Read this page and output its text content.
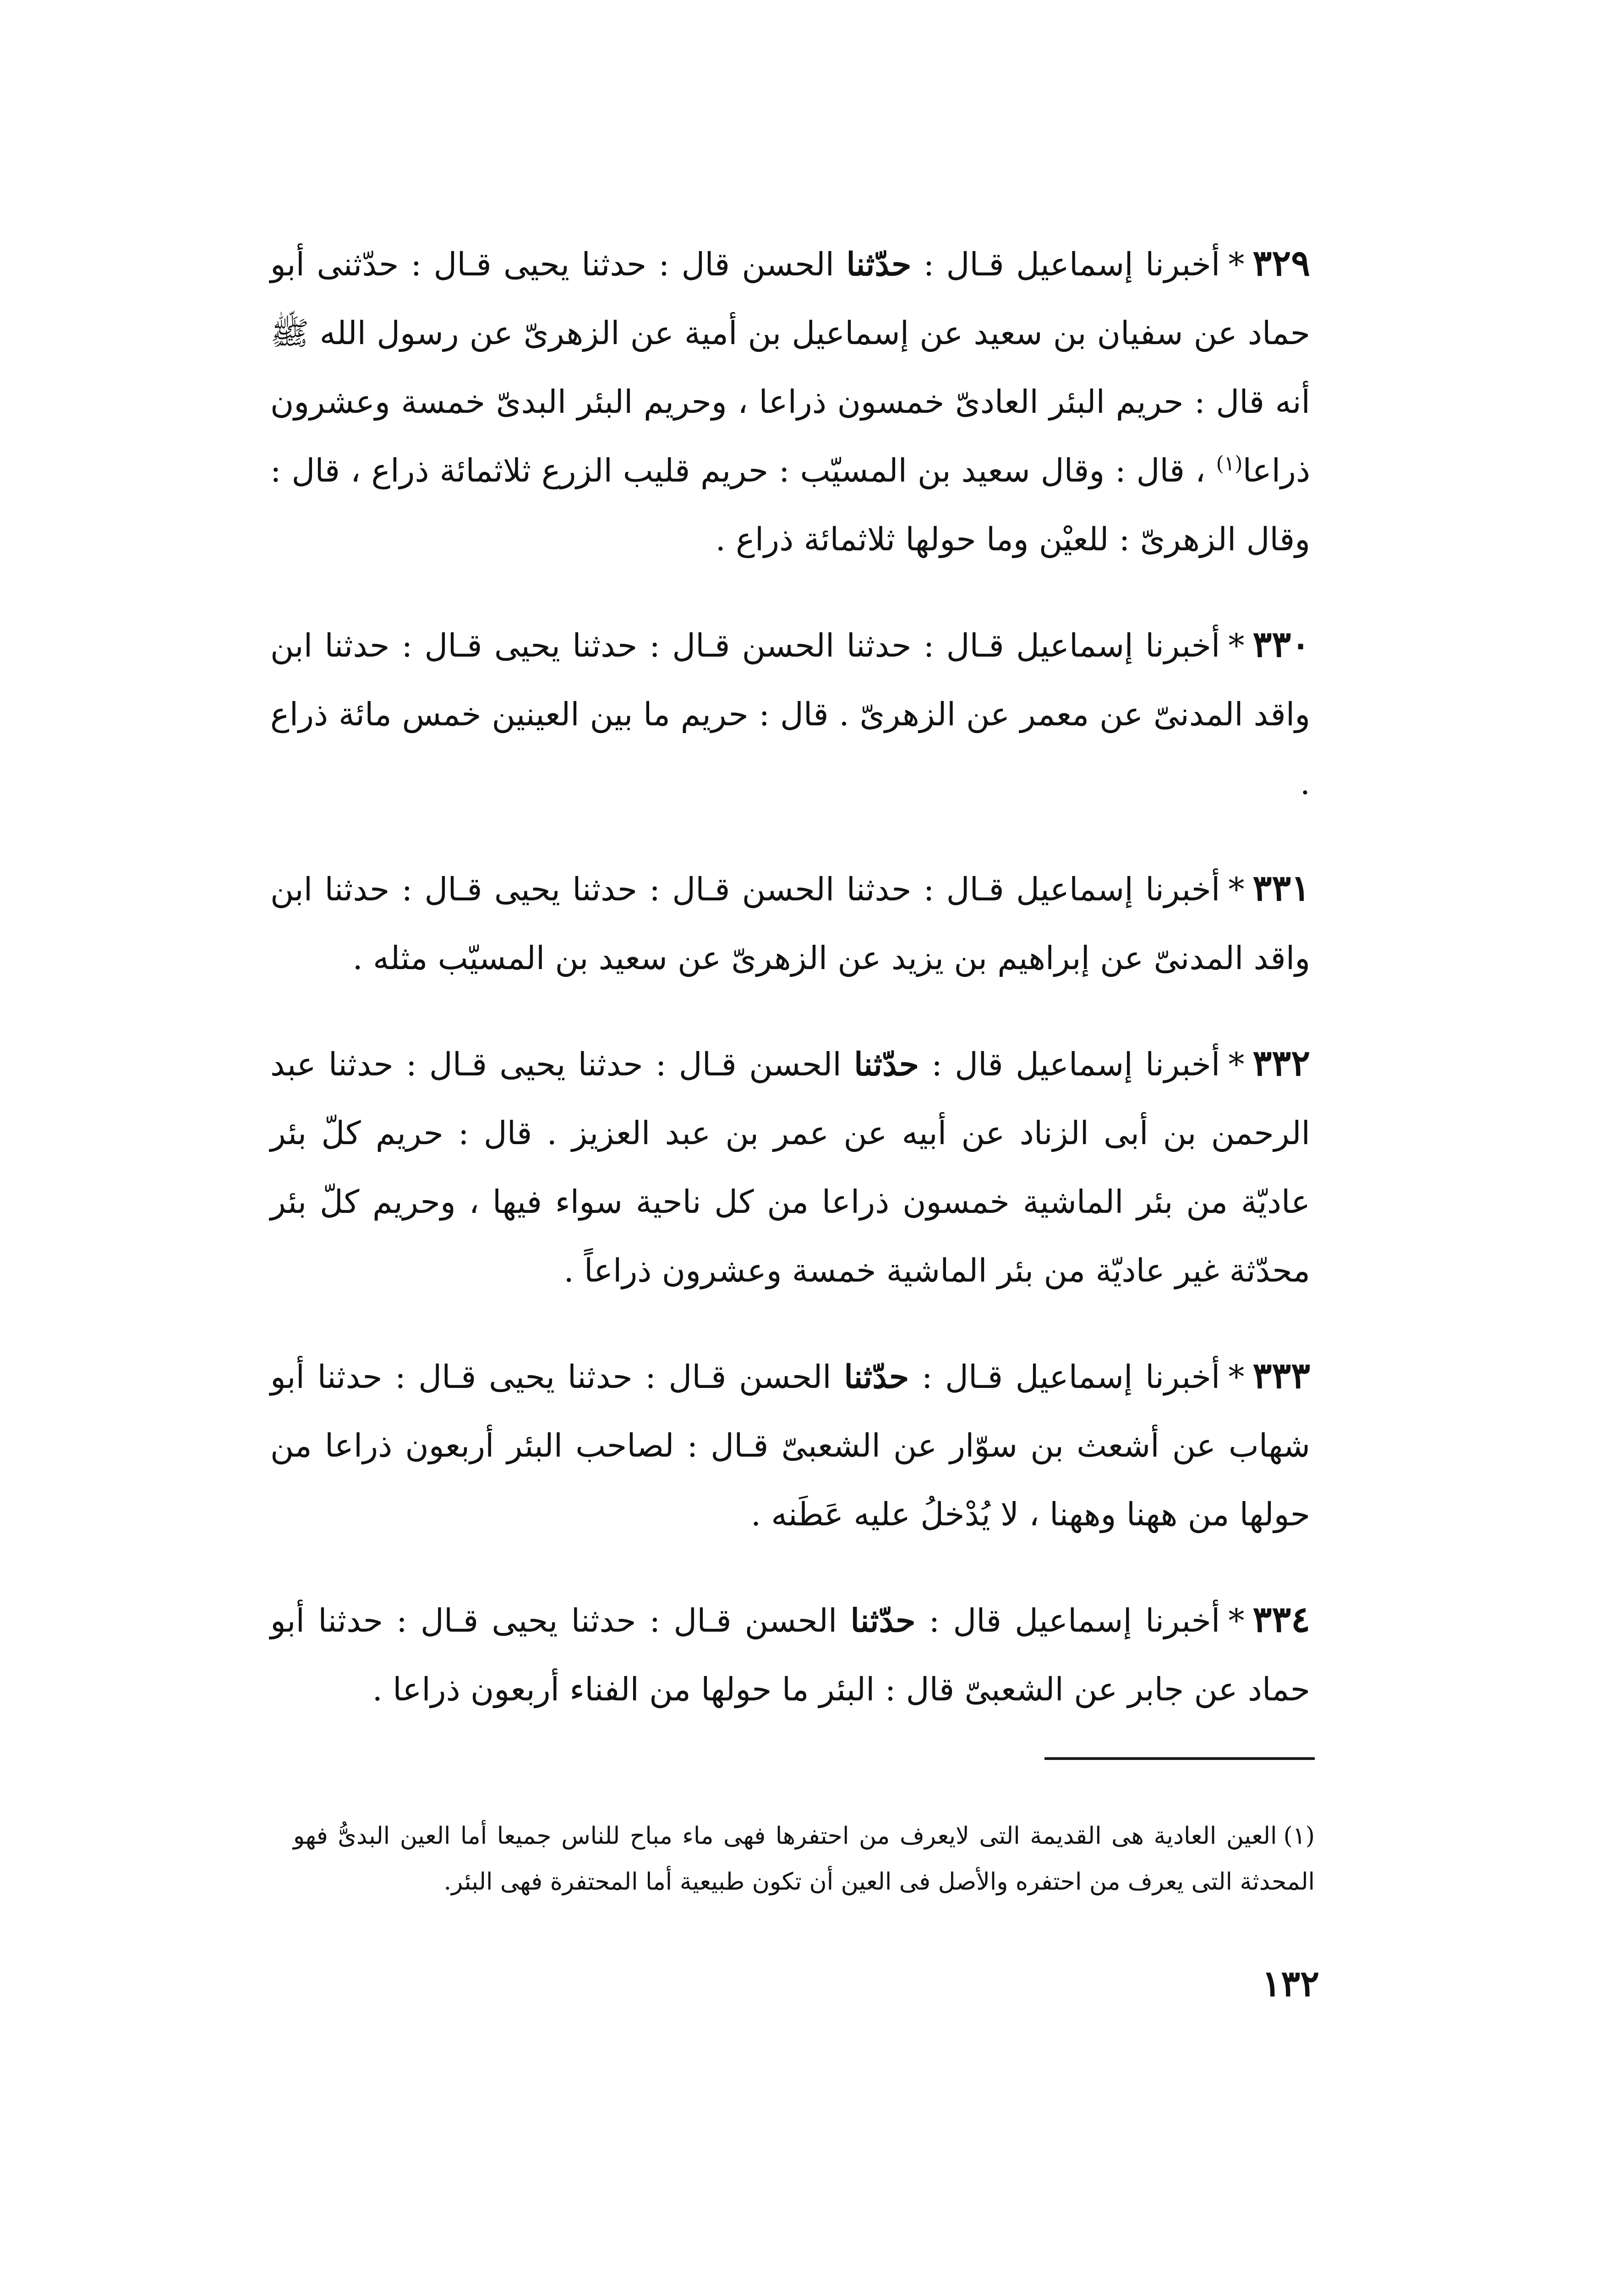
٣٢٩*أخبرنا إسماعيل قـال : حدّثنا الحسن قال : حدثنا يحيى قـال : حدّثنى أبو حماد عن سفيان بن سعيد عن إسماعيل بن أمية عن الزهرىّ عن رسول الله ﷺ أنه قال : حريم البئر العادىّ خمسون ذراعا ، وحريم البئر البدىّ خمسة وعشرون ذراعا$^{(١)}$ ، قال : وقال سعيد بن المسيّب : حريم قليب الزرع ثلاثمائة ذراع ، قال : وقال الزهرىّ : للعيْن وما حولها ثلاثمائة ذراع .

٣٣٠*أخبرنا إسماعيل قـال : حدثنا الحسن قـال : حدثنا يحيى قـال : حدثنا ابن واقد المدنىّ عن معمر عن الزهرىّ . قال : حريم ما بين العينين خمس مائة ذراع .

٣٣١*أخبرنا إسماعيل قـال : حدثنا الحسن قـال : حدثنا يحيى قـال : حدثنا ابن واقد المدنىّ عن إبراهيم بن يزيد عن الزهرىّ عن سعيد بن المسيّب مثله .

٣٣٢*أخبرنا إسماعيل قال : حدّثنا الحسن قـال : حدثنا يحيى قـال : حدثنا عبد الرحمن بن أبى الزناد عن أبيه عن عمر بن عبد العزيز . قال : حريم كلّ بئر عاديّة من بئر الماشية خمسون ذراعا من كل ناحية سواء فيها ، وحريم كلّ بئر محدّثة غير عاديّة من بئر الماشية خمسة وعشرون ذراعاً .

٣٣٣*أخبرنا إسماعيل قـال : حدّثنا الحسن قـال : حدثنا يحيى قـال : حدثنا أبو شهاب عن أشعث بن سوّار عن الشعبىّ قـال : لصاحب البئر أربعون ذراعا من حولها من ههنا وههنا ، لا يُدْخلُ عليه عَطَنه .

٣٣٤*أخبرنا إسماعيل قال : حدّثنا الحسن قـال : حدثنا يحيى قـال : حدثنا أبو حماد عن جابر عن الشعبىّ قال : البئر ما حولها من الفناء أربعون ذراعا .

(١)العين العادية هى القديمة التى لايعرف من احتفرها فهى ماء مباح للناس جميعا أما العين البدىُّ فهو المحدثة التى يعرف من احتفره والأصل فى العين أن تكون طبيعية أما المحتفرة فهى البئر.

١٣٢
